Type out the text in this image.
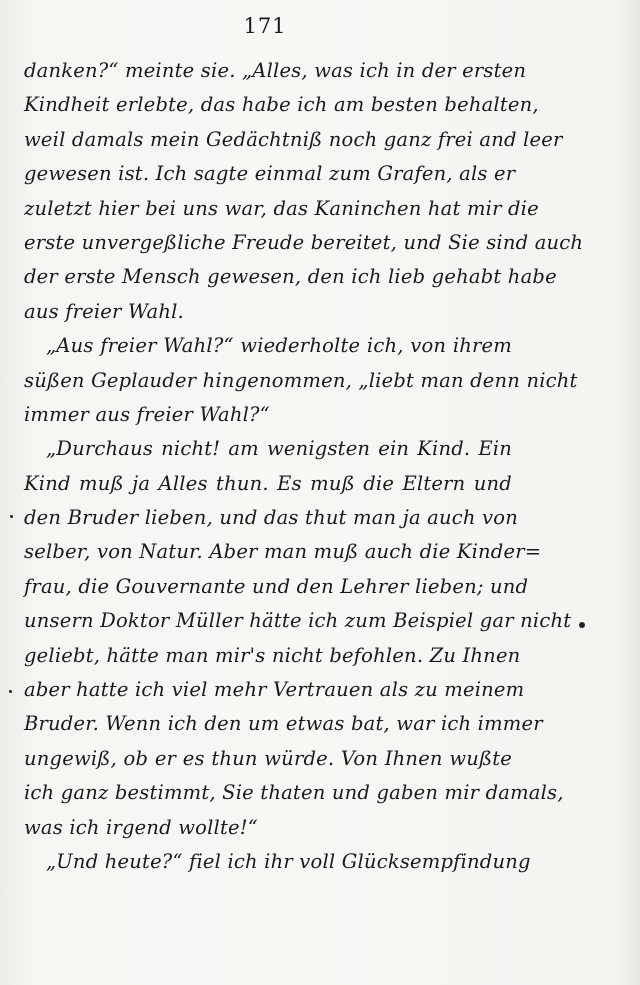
171
danken?“ meinte sie. „Alles, was ich in der ersten
Kindheit erlebte, das habe ich am besten behalten,
weil damals mein Gedächtniß noch ganz frei and leer
gewesen ist. Ich sagte einmal zum Grafen, als er
zuletzt hier bei uns war, das Kaninchen hat mir die
erste unvergeßliche Freude bereitet, und Sie sind auch
der erste Mensch gewesen, den ich lieb gehabt habe
aus freier Wahl.
„Aus freier Wahl?“ wiederholte ich, von ihrem
süßen Geplauder hingenommen, „liebt man denn nicht
immer aus freier Wahl?“
„Durchaus nicht! am wenigsten ein Kind. Ein
Kind muß ja Alles thun. Es muß die Eltern und
den Bruder lieben, und das thut man ja auch von
selber, von Natur. Aber man muß auch die Kinder=
frau, die Gouvernante und den Lehrer lieben; und
unsern Doktor Müller hätte ich zum Beispiel gar nicht
geliebt, hätte man mir's nicht befohlen. Zu Ihnen
aber hatte ich viel mehr Vertrauen als zu meinem
Bruder. Wenn ich den um etwas bat, war ich immer
ungewiß, ob er es thun würde. Von Ihnen wußte
ich ganz bestimmt, Sie thaten und gaben mir damals,
was ich irgend wollte!“
„Und heute?“ fiel ich ihr voll Glücksempfindung
